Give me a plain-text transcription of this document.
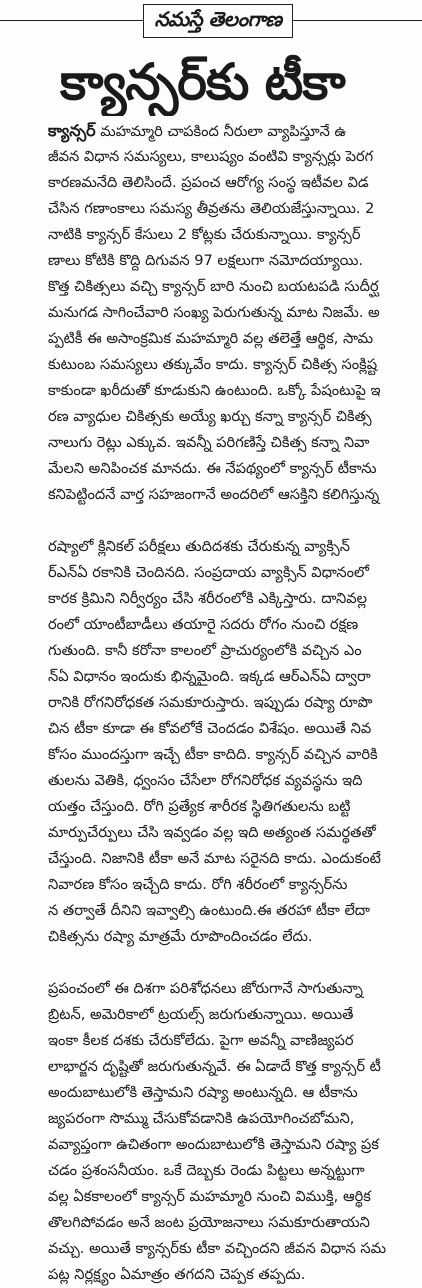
నమస్తే తెలంగాణ
క్యాన్సర్‌కు టీకా
క్యాన్సర్ మహమ్మారి చాపకింద నీరులా వ్యాపిస్తూనే ఉ
జీవన విధాన సమస్యలు, కాలుష్యం వంటివి క్యాన్సర్లు పెరగ
కారణమనేది తెలిసిందే. ప్రపంచ ఆరోగ్య సంస్థ ఇటీవల విడ
చేసిన గణాంకాలు సమస్య తీవ్రతను తెలియజేస్తున్నాయి. 2
నాటికి క్యాన్సర్ కేసులు 2 కోట్లకు చేరుకున్నాయి. క్యాన్సర్
ణాలు కోటికి కొద్ది దిగువన 97 లక్షలుగా నమోదయ్యాయి.
కొత్త చికిత్సలు వచ్చి క్యాన్సర్ బారి నుంచి బయటపడి సుదీర్ఘ
మనుగడ సాగించేవారి సంఖ్య పెరుగుతున్న మాట నిజమే. అ
ప్పటికీ ఈ అసాంక్రమిక మహమ్మారి వల్ల తలెత్తే ఆర్థిక, సామ
కుటుంబ సమస్యలు తక్కువేం కాదు. క్యాన్సర్ చికిత్స సంక్లిష్ట
కాకుండా ఖరీదుతో కూడుకుని ఉంటుంది. ఒక్కో పేషంటుపై ఇ
రణ వ్యాధుల చికిత్సకు అయ్యే ఖర్చు కన్నా క్యాన్సర్ చికిత్స
నాలుగు రెట్లు ఎక్కువ. ఇవన్నీ పరిగణిస్తే చికిత్స కన్నా నివా
మేలని అనిపించక మానదు. ఈ నేపథ్యంలో క్యాన్సర్ టీకాను
కనిపెట్టిందనే వార్త సహజంగానే అందరిలో ఆసక్తిని కలిగిస్తున్న
రష్యాలో క్లినికల్ పరీక్షలు తుదిదశకు చేరుకున్న వ్యాక్సిన్
ర్ఎన్ఏ రకానికి చెందినది. సంప్రదాయ వ్యాక్సిన్ విధానంలో
కారక క్రిమిని నిర్వీర్యం చేసి శరీరంలోకి ఎక్కిస్తారు. దానివల్ల
రంలో యాంటీబాడీలు తయారై సదరు రోగం నుంచి రక్షణ
గుతుంది. కానీ కరోనా కాలంలో ప్రాచుర్యంలోకి వచ్చిన ఎం
న్ఏ విధానం ఇందుకు భిన్నమైంది. ఇక్కడ ఆర్ఎన్ఏ ద్వారా
రానికి రోగనిరోధకత సమకూరుస్తారు. ఇప్పుడు రష్యా రూపొ
చిన టీకా కూడా ఈ కోవలోకే చెందడం విశేషం. అయితే నివ
కోసం ముందస్తుగా ఇచ్చే టీకా కాదిది. క్యాన్సర్ వచ్చిన వారికి
తులను వెతికి, ధ్వంసం చేసేలా రోగనిరోధక వ్యవస్థను ఇది
యత్తం చేస్తుంది. రోగి ప్రత్యేక శారీరక స్థితిగతులను బట్టి
మార్పుచేర్పులు చేసి ఇవ్వడం వల్ల ఇది అత్యంత సమర్థతతో
చేస్తుంది. నిజానికి టీకా అనే మాట సరైనది కాదు. ఎందుకంటే
నివారణ కోసం ఇచ్చేది కాదు. రోగి శరీరంలో క్యాన్సర్‌ను
న తర్వాతే దీనిని ఇవ్వాల్సి ఉంటుంది.ఈ తరహా టీకా లేదా
చికిత్సను రష్యా మాత్రమే రూపొందించడం లేదు.
ప్రపంచంలో ఈ దిశగా పరిశోధనలు జోరుగానే సాగుతున్నా
బ్రిటన్, అమెరికాలో ట్రయల్స్ జరుగుతున్నాయి. అయితే
ఇంకా కీలక దశకు చేరుకోలేదు. పైగా అవన్నీ వాణిజ్యపర
లాభార్జన దృష్టితో జరుగుతున్నవే. ఈ ఏడాదే కొత్త క్యాన్సర్ టీ
అందుబాటులోకి తెస్తామని రష్యా అంటున్నది. ఆ టీకాను
జ్యపరంగా సొమ్ము చేసుకోవడానికి ఉపయోగించబోమని,
వవ్యాప్తంగా ఉచితంగా అందుబాటులోకి తెస్తామని రష్యా ప్రక
చడం ప్రశంసనీయం. ఒకే దెబ్బకు రెండు పిట్టలు అన్నట్టుగా
వల్ల ఏకకాలంలో క్యాన్సర్ మహమ్మారి నుంచి విముక్తి, ఆర్థిక
తొలగిపోవడం అనే జంట ప్రయోజనాలు సమకూరుతాయని
వచ్చు. అయితే క్యాన్సర్‌కు టీకా వచ్చిందని జీవన విధాన సమ
పట్ల నిర్లక్ష్యం ఏమాత్రం తగదని చెప్పక తప్పదు.
